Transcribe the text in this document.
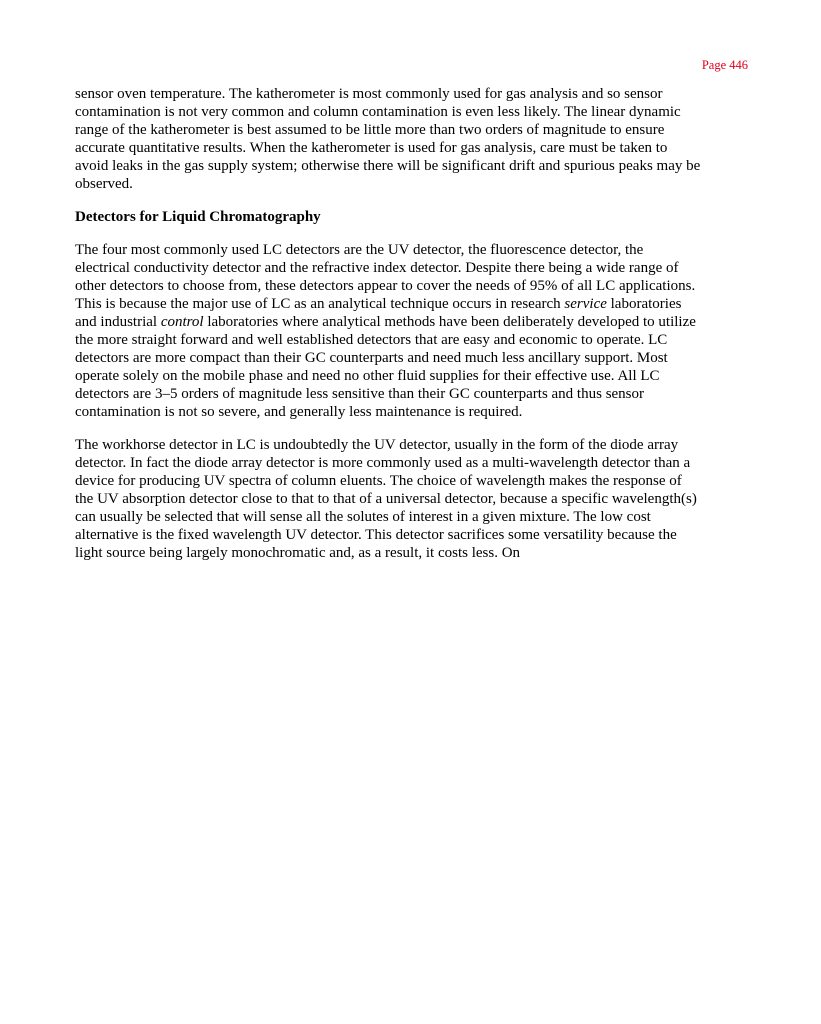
Page 446

sensor oven temperature. The katherometer is most commonly used for gas analysis and so sensor
contamination is not very common and column contamination is even less likely. The linear dynamic
range of the katherometer is best assumed to be little more than two orders of magnitude to ensure
accurate quantitative results. When the katherometer is used for gas analysis, care must be taken to
avoid leaks in the gas supply system; otherwise there will be significant drift and spurious peaks may be
observed.

Detectors for Liquid Chromatography

The four most commonly used LC detectors are the UV detector, the fluorescence detector, the
electrical conductivity detector and the refractive index detector. Despite there being a wide range of
other detectors to choose from, these detectors appear to cover the needs of 95% of all LC applications.
This is because the major use of LC as an analytical technique occurs in research service laboratories
and industrial control laboratories where analytical methods have been deliberately developed to utilize
the more straight forward and well established detectors that are easy and economic to operate. LC
detectors are more compact than their GC counterparts and need much less ancillary support. Most
operate solely on the mobile phase and need no other fluid supplies for their effective use. All LC
detectors are 3–5 orders of magnitude less sensitive than their GC counterparts and thus sensor
contamination is not so severe, and generally less maintenance is required.

The workhorse detector in LC is undoubtedly the UV detector, usually in the form of the diode array
detector. In fact the diode array detector is more commonly used as a multi-wavelength detector than a
device for producing UV spectra of column eluents. The choice of wavelength makes the response of
the UV absorption detector close to that to that of a universal detector, because a specific wavelength(s)
can usually be selected that will sense all the solutes of interest in a given mixture. The low cost
alternative is the fixed wavelength UV detector. This detector sacrifices some versatility because the
light source being largely monochromatic and, as a result, it costs less. On
